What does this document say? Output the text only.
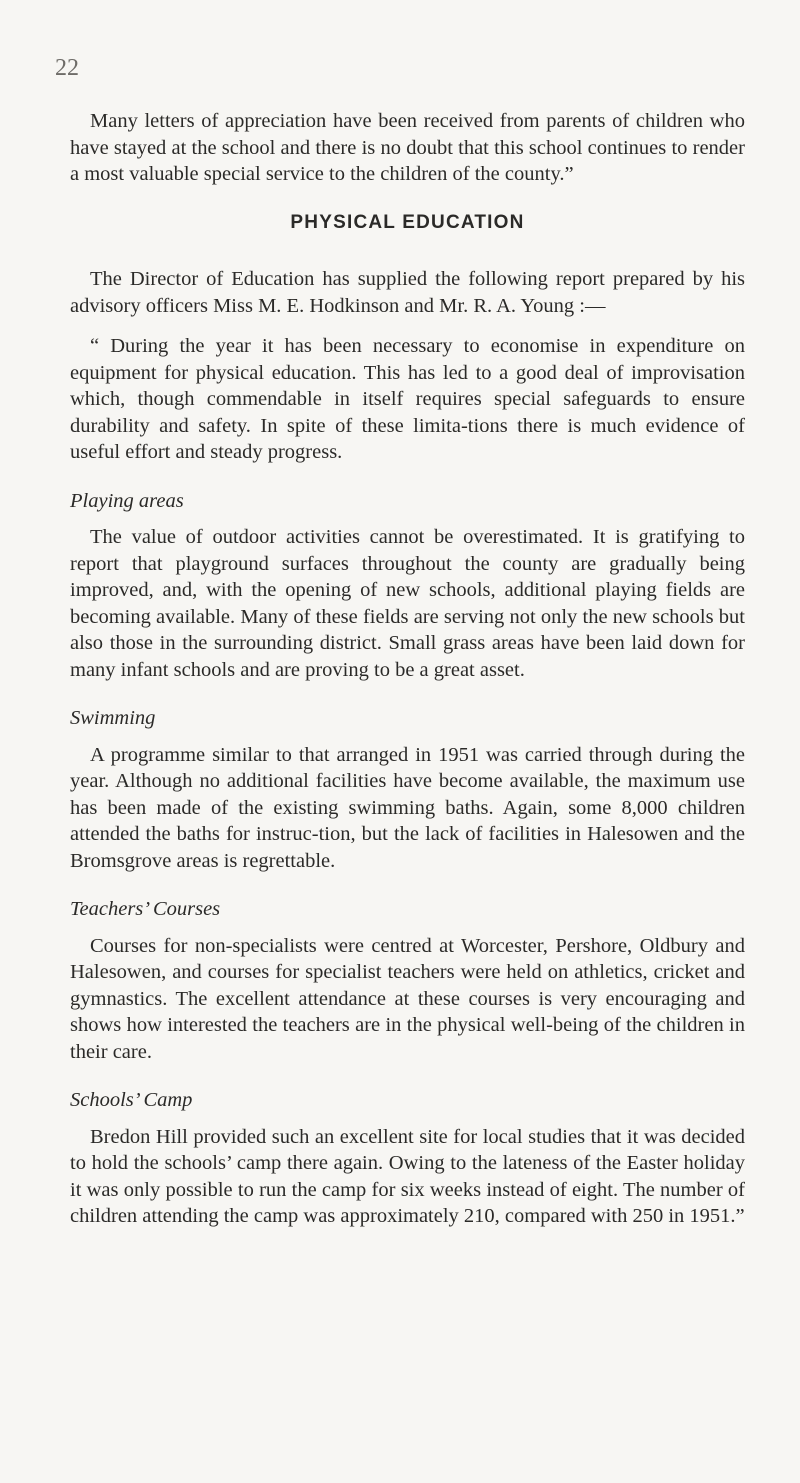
22

Many letters of appreciation have been received from parents of children who have stayed at the school and there is no doubt that this school continues to render a most valuable special service to the children of the county.”

PHYSICAL EDUCATION

The Director of Education has supplied the following report prepared by his advisory officers Miss M. E. Hodkinson and Mr. R. A. Young :—

“ During the year it has been necessary to economise in expenditure on equipment for physical education. This has led to a good deal of improvisation which, though commendable in itself requires special safeguards to ensure durability and safety. In spite of these limita-tions there is much evidence of useful effort and steady progress.

Playing areas

The value of outdoor activities cannot be overestimated. It is gratifying to report that playground surfaces throughout the county are gradually being improved, and, with the opening of new schools, additional playing fields are becoming available. Many of these fields are serving not only the new schools but also those in the surrounding district. Small grass areas have been laid down for many infant schools and are proving to be a great asset.

Swimming

A programme similar to that arranged in 1951 was carried through during the year. Although no additional facilities have become available, the maximum use has been made of the existing swimming baths. Again, some 8,000 children attended the baths for instruc-tion, but the lack of facilities in Halesowen and the Bromsgrove areas is regrettable.

Teachers’ Courses

Courses for non-specialists were centred at Worcester, Pershore, Oldbury and Halesowen, and courses for specialist teachers were held on athletics, cricket and gymnastics. The excellent attendance at these courses is very encouraging and shows how interested the teachers are in the physical well-being of the children in their care.

Schools’ Camp

Bredon Hill provided such an excellent site for local studies that it was decided to hold the schools’ camp there again. Owing to the lateness of the Easter holiday it was only possible to run the camp for six weeks instead of eight. The number of children attending the camp was approximately 210, compared with 250 in 1951.”
